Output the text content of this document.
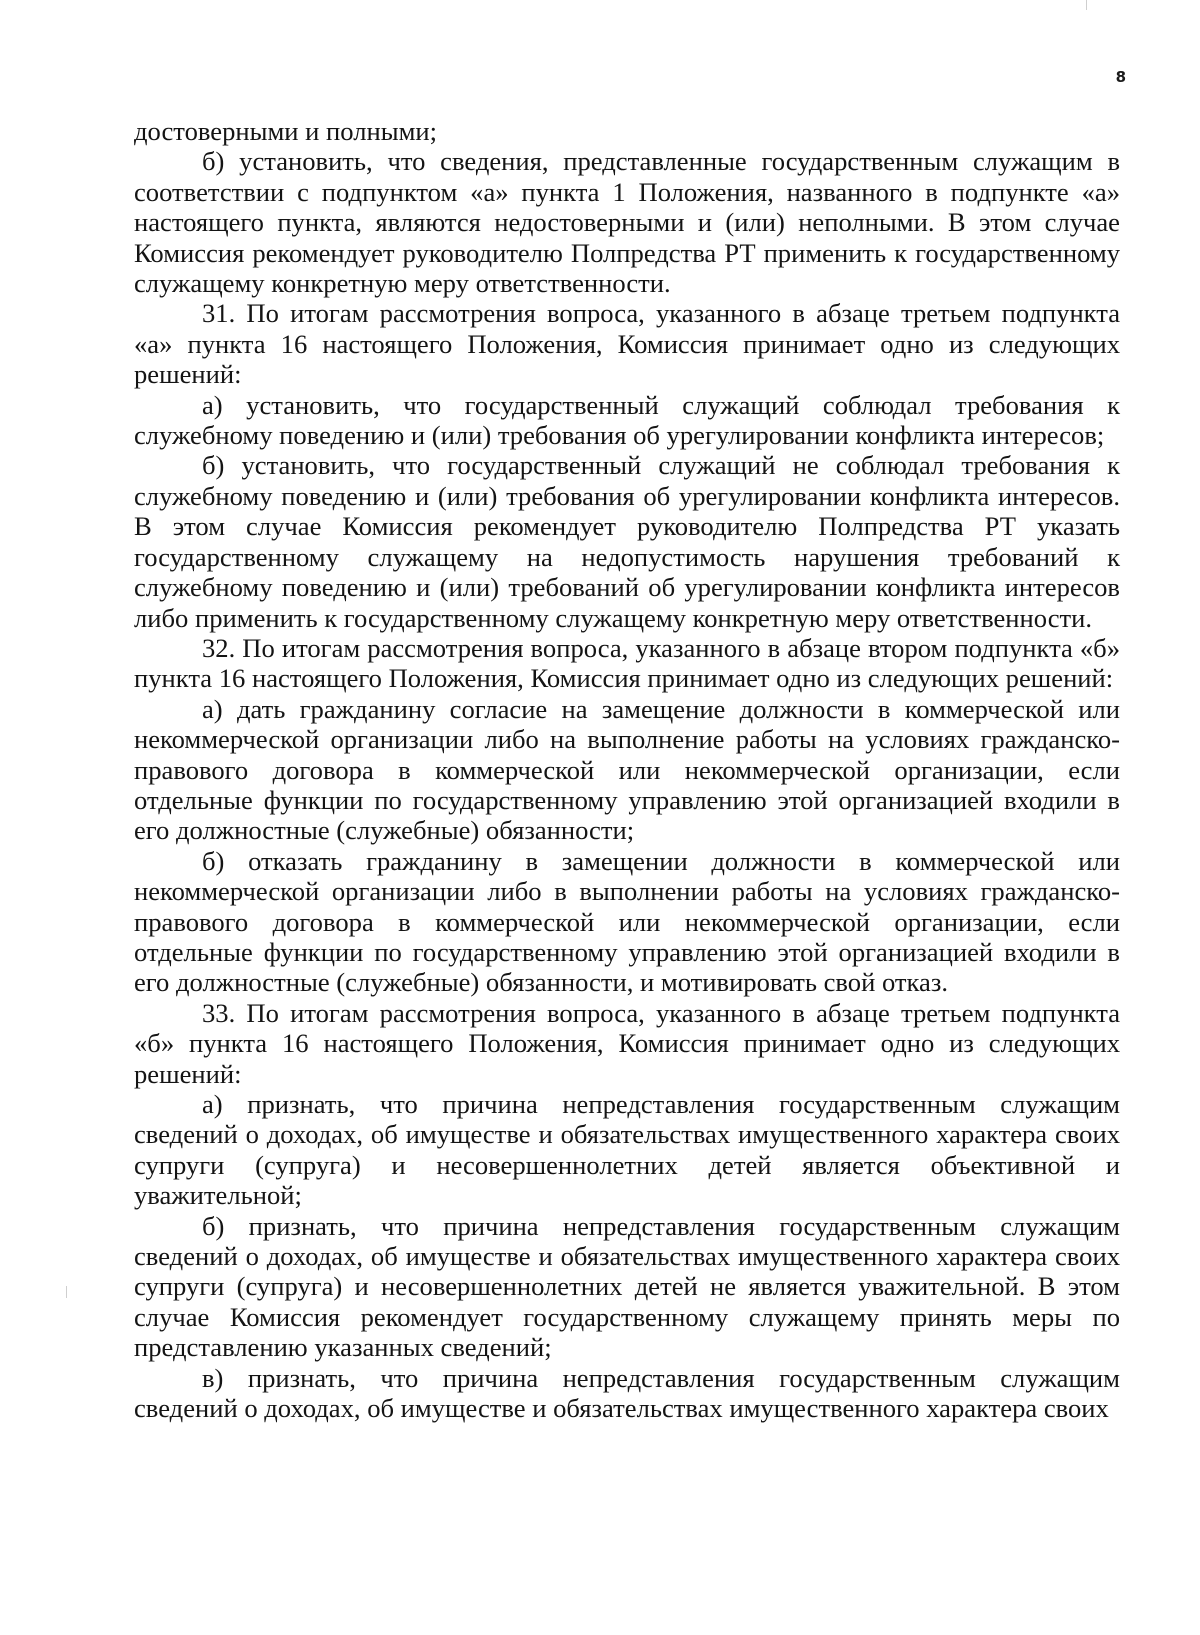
8

достоверными и полными;

б) установить, что сведения, представленные государственным служащим в соответствии с подпунктом «а» пункта 1 Положения, названного в подпункте «а» настоящего пункта, являются недостоверными и (или) неполными. В этом случае Комиссия рекомендует руководителю Полпредства РТ применить к государственному служащему конкретную меру ответственности.

31. По итогам рассмотрения вопроса, указанного в абзаце третьем подпункта «а» пункта 16 настоящего Положения, Комиссия принимает одно из следующих решений:

а) установить, что государственный служащий соблюдал требования к служебному поведению и (или) требования об урегулировании конфликта интересов;

б) установить, что государственный служащий не соблюдал требования к служебному поведению и (или) требования об урегулировании конфликта интересов. В этом случае Комиссия рекомендует руководителю Полпредства РТ указать государственному служащему на недопустимость нарушения требований к служебному поведению и (или) требований об урегулировании конфликта интересов либо применить к государственному служащему конкретную меру ответственности.

32. По итогам рассмотрения вопроса, указанного в абзаце втором подпункта «б» пункта 16 настоящего Положения, Комиссия принимает одно из следующих решений:

а) дать гражданину согласие на замещение должности в коммерческой или некоммерческой организации либо на выполнение работы на условиях гражданско-правового договора в коммерческой или некоммерческой организации, если отдельные функции по государственному управлению этой организацией входили в его должностные (служебные) обязанности;

б) отказать гражданину в замещении должности в коммерческой или некоммерческой организации либо в выполнении работы на условиях гражданско-правового договора в коммерческой или некоммерческой организации, если отдельные функции по государственному управлению этой организацией входили в его должностные (служебные) обязанности, и мотивировать свой отказ.

33. По итогам рассмотрения вопроса, указанного в абзаце третьем подпункта «б» пункта 16 настоящего Положения, Комиссия принимает одно из следующих решений:

а) признать, что причина непредставления государственным служащим сведений о доходах, об имуществе и обязательствах имущественного характера своих супруги (супруга) и несовершеннолетних детей является объективной и уважительной;

б) признать, что причина непредставления государственным служащим сведений о доходах, об имуществе и обязательствах имущественного характера своих супруги (супруга) и несовершеннолетних детей не является уважительной. В этом случае Комиссия рекомендует государственному служащему принять меры по представлению указанных сведений;

в) признать, что причина непредставления государственным служащим сведений о доходах, об имуществе и обязательствах имущественного характера своих
